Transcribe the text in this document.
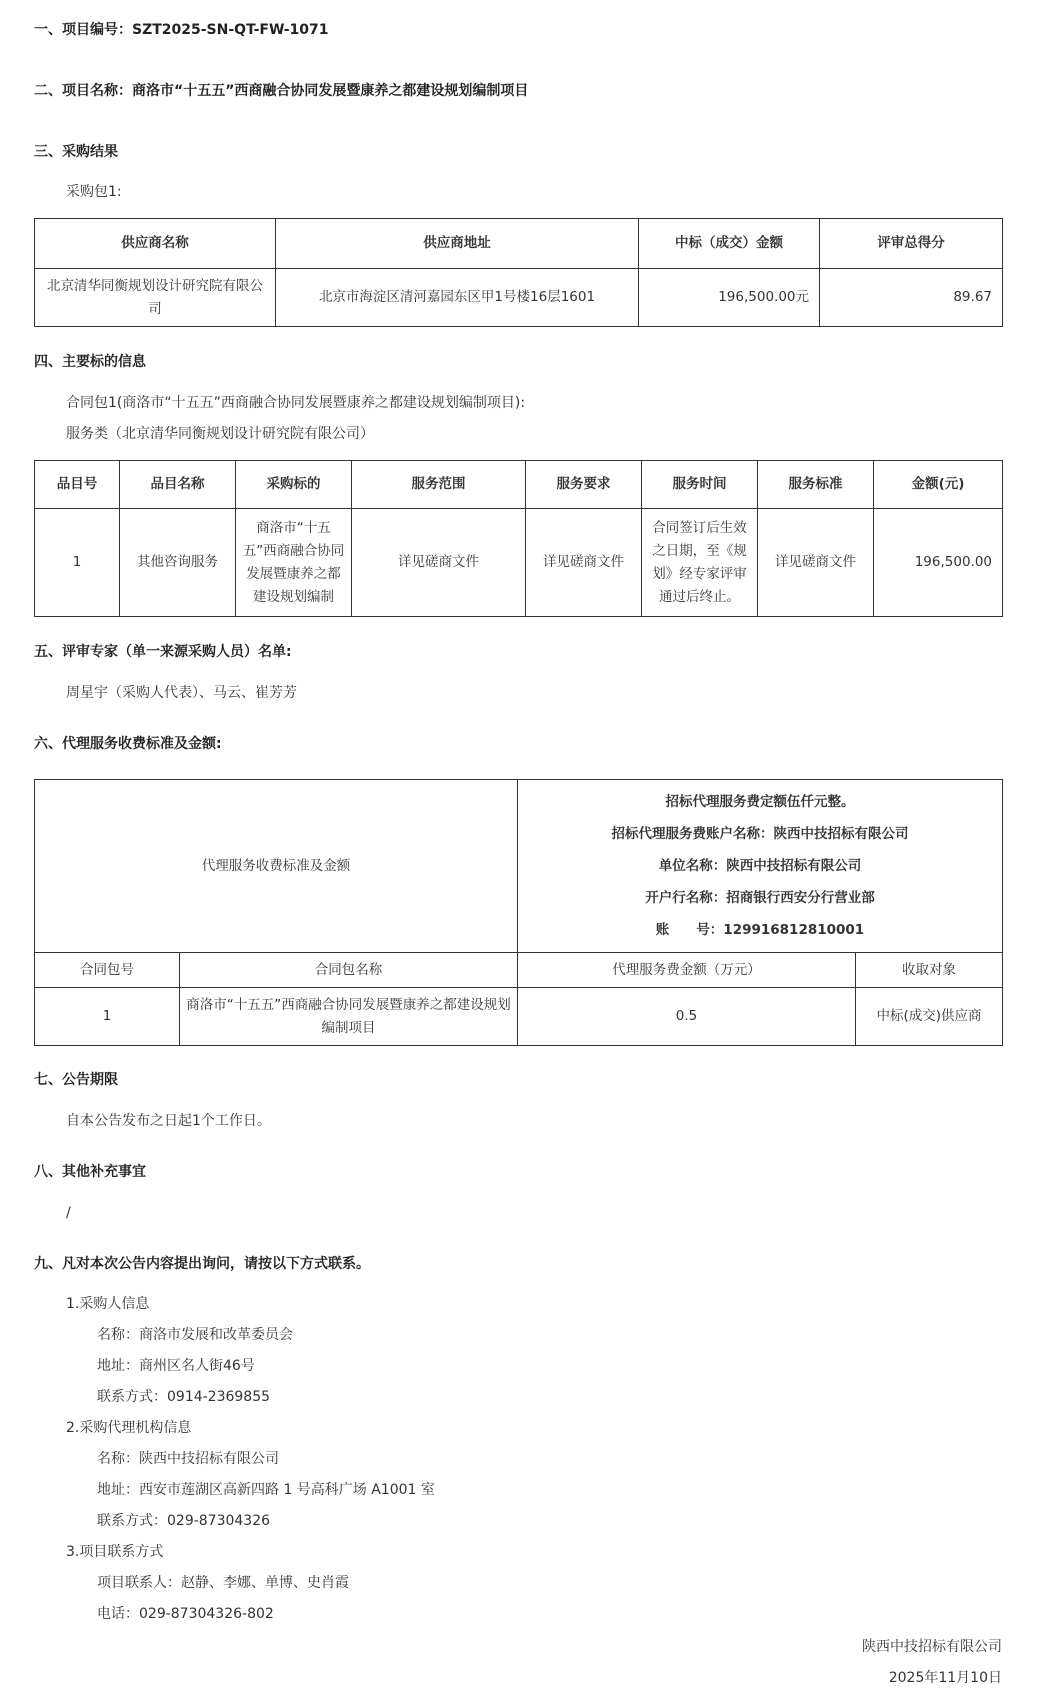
一、项目编号：SZT2025-SN-QT-FW-1071
二、项目名称：商洛市“十五五”西商融合协同发展暨康养之都建设规划编制项目
三、采购结果
采购包1:
供应商名称	供应商地址	中标（成交）金额	评审总得分
北京清华同衡规划设计研究院有限公司	北京市海淀区清河嘉园东区甲1号楼16层1601	196,500.00元	89.67
四、主要标的信息
合同包1(商洛市“十五五”西商融合协同发展暨康养之都建设规划编制项目):
服务类（北京清华同衡规划设计研究院有限公司）
品目号	品目名称	采购标的	服务范围	服务要求	服务时间	服务标准	金额(元)
1	其他咨询服务	商洛市“十五五”西商融合协同发展暨康养之都建设规划编制	详见磋商文件	详见磋商文件	合同签订后生效之日期，至《规划》经专家评审通过后终止。	详见磋商文件	196,500.00
五、评审专家（单一来源采购人员）名单:
周星宇（采购人代表）、马云、崔芳芳
六、代理服务收费标准及金额:
代理服务收费标准及金额		招标代理服务费定额伍仟元整。
招标代理服务费账户名称：陕西中技招标有限公司
单位名称：陕西中技招标有限公司
开户行名称：招商银行西安分行营业部
账　　号：129916812810001	

合同包号	合同包名称	代理服务费金额（万元）	收取对象
1	商洛市“十五五”西商融合协同发展暨康养之都建设规划编制项目	0.5	中标(成交)供应商
七、公告期限
自本公告发布之日起1个工作日。
八、其他补充事宜
/
九、凡对本次公告内容提出询问，请按以下方式联系。
1.采购人信息
名称：商洛市发展和改革委员会
地址：商州区名人街46号
联系方式：0914-2369855
2.采购代理机构信息
名称：陕西中技招标有限公司
地址：西安市莲湖区高新四路 1 号高科广场 A1001 室
联系方式：029-87304326
3.项目联系方式
项目联系人：赵静、李娜、单博、史肖霞
电话：029-87304326-802
陕西中技招标有限公司
2025年11月10日
